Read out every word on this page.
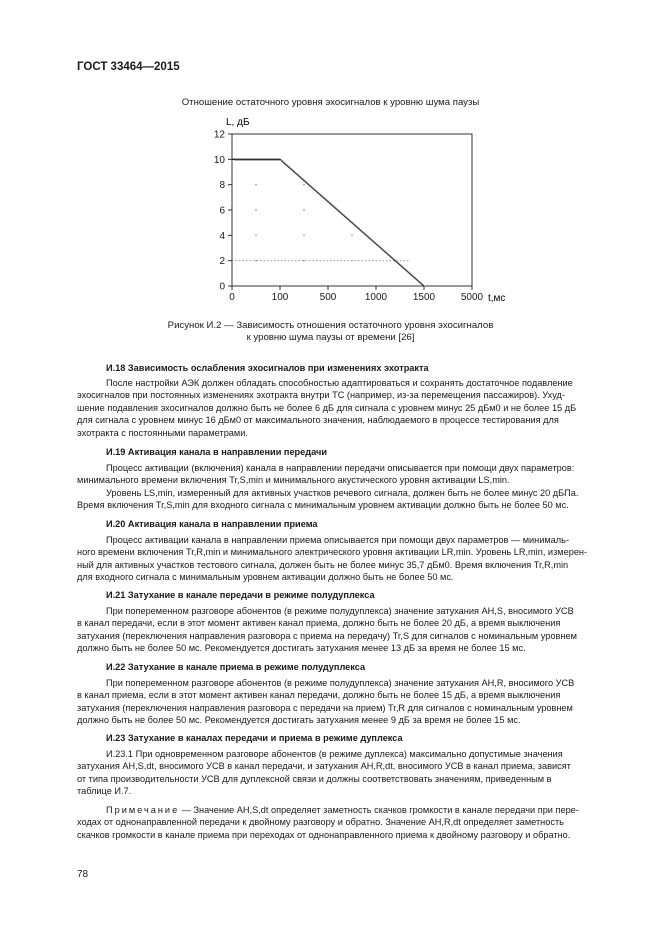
ГОСТ 33464—2015
Отношение остаточного уровня эхосигналов к уровню шума паузы
L, дБ
0
2
4
6
8
10
12
0	100	500	1000	1500	5000 t,мс
Рисунок И.2 — Зависимость отношения остаточного уровня эхосигналов
к уровню шума паузы от времени [26]
И.18 Зависимость ослабления эхосигналов при изменениях эхотракта
После настройки АЭК должен обладать способностью адаптироваться и сохранять достаточное подавление
эхосигналов при постоянных изменениях эхотракта внутри ТС (например, из-за перемещения пассажиров). Ухуд-
шение подавления эхосигналов должно быть не более 6 дБ для сигнала с уровнем минус 25 дБм0 и не более 15 дБ
для сигнала с уровнем минус 16 дБм0 от максимального значения, наблюдаемого в процессе тестирования для
эхотракта с постоянными параметрами.
И.19 Активация канала в направлении передачи
Процесс активации (включения) канала в направлении передачи описывается при помощи двух параметров:
минимального времени включения Tr,S,min и минимального акустического уровня активации LS,min.
Уровень LS,min, измеренный для активных участков речевого сигнала, должен быть не более минус 20 дБПа.
Время включения Tr,S,min для входного сигнала с минимальным уровнем активации должно быть не более 50 мс.
И.20 Активация канала в направлении приема
Процесс активации канала в направлении приема описывается при помощи двух параметров — минималь-
ного времени включения Tr,R,min и минимального электрического уровня активации LR,min. Уровень LR,min, измерен-
ный для активных участков тестового сигнала, должен быть не более минус 35,7 дБм0. Время включения Tr,R,min
для входного сигнала с минимальным уровнем активации должно быть не более 50 мс.
И.21 Затухание в канале передачи в режиме полудуплекса
При попеременном разговоре абонентов (в режиме полудуплекса) значение затухания AH,S, вносимого УСВ
в канал передачи, если в этот момент активен канал приема, должно быть не более 20 дБ, а время выключения
затухания (переключения направления разговора с приема на передачу) Tr,S для сигналов с номинальным уровнем
должно быть не более 50 мс. Рекомендуется достигать затухания менее 13 дБ за время не более 15 мс.
И.22 Затухание в канале приема в режиме полудуплекса
При попеременном разговоре абонентов (в режиме полудуплекса) значение затухания AH,R, вносимого УСВ
в канал приема, если в этот момент активен канал передачи, должно быть не более 15 дБ, а время выключения
затухания (переключения направления разговора с передачи на прием) Tr,R для сигналов с номинальным уровнем
должно быть не более 50 мс. Рекомендуется достигать затухания менее 9 дБ за время не более 15 мс.
И.23 Затухание в каналах передачи и приема в режиме дуплекса
И.23.1 При одновременном разговоре абонентов (в режиме дуплекса) максимально допустимые значения
затухания AH,S,dt, вносимого УСВ в канал передачи, и затухания AH,R,dt, вносимого УСВ в канал приема, зависят
от типа производительности УСВ для дуплексной связи и должны соответствовать значениям, приведенным в
таблице И.7.
Примечание — Значение AH,S,dt определяет заметность скачков громкости в канале передачи при пере-
ходах от однонаправленной передачи к двойному разговору и обратно. Значение AH,R,dt определяет заметность
скачков громкости в канале приема при переходах от однонаправленного приема к двойному разговору и обратно.
78
